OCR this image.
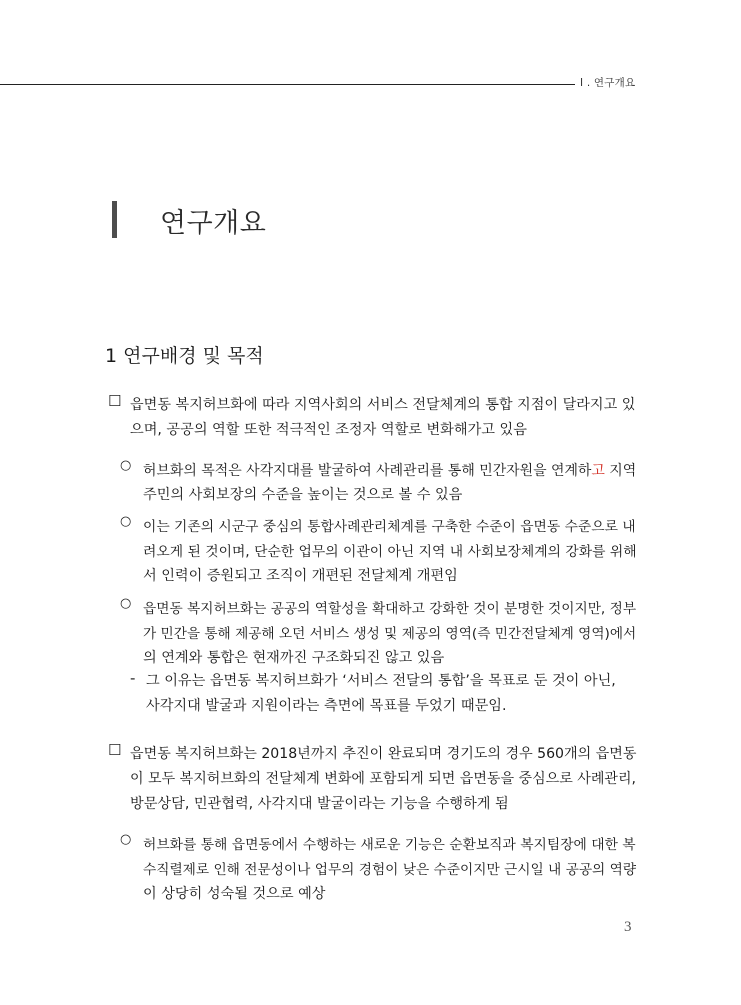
Ⅰ . 연구개요
연구개요
1 연구배경 및 목적
☐ 읍면동 복지허브화에 따라 지역사회의 서비스 전달체계의 통합 지점이 달라지고 있
으며, 공공의 역할 또한 적극적인 조정자 역할로 변화해가고 있음
○ 허브화의 목적은 사각지대를 발굴하여 사례관리를 통해 민간자원을 연계하고 지역
주민의 사회보장의 수준을 높이는 것으로 볼 수 있음
○ 이는 기존의 시군구 중심의 통합사례관리체계를 구축한 수준이 읍면동 수준으로 내
려오게 된 것이며, 단순한 업무의 이관이 아닌 지역 내 사회보장체계의 강화를 위해
서 인력이 증원되고 조직이 개편된 전달체계 개편임
○ 읍면동 복지허브화는 공공의 역할성을 확대하고 강화한 것이 분명한 것이지만, 정부
가 민간을 통해 제공해 오던 서비스 생성 및 제공의 영역(즉 민간전달체계 영역)에서
의 연계와 통합은 현재까진 구조화되진 않고 있음
- 그 이유는 읍면동 복지허브화가 ‘서비스 전달의 통합’을 목표로 둔 것이 아닌,
사각지대 발굴과 지원이라는 측면에 목표를 두었기 때문임.
☐ 읍면동 복지허브화는 2018년까지 추진이 완료되며 경기도의 경우 560개의 읍면동
이 모두 복지허브화의 전달체계 변화에 포함되게 되면 읍면동을 중심으로 사례관리,
방문상담, 민관협력, 사각지대 발굴이라는 기능을 수행하게 됨
○ 허브화를 통해 읍면동에서 수행하는 새로운 기능은 순환보직과 복지팀장에 대한 복
수직렬제로 인해 전문성이나 업무의 경험이 낮은 수준이지만 근시일 내 공공의 역량
이 상당히 성숙될 것으로 예상
3
